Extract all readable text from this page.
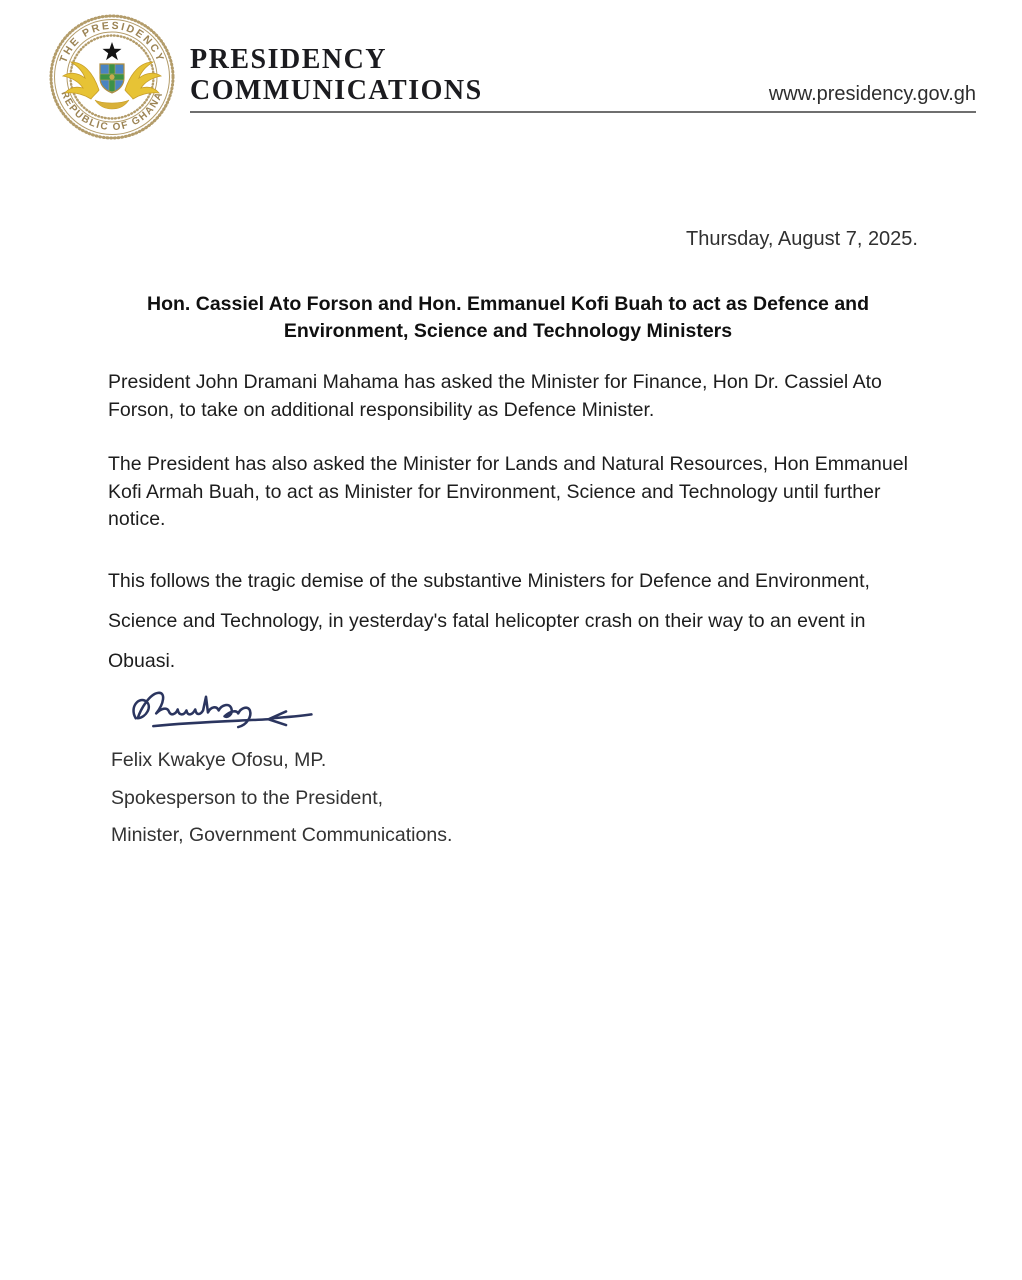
THE PRESIDENCY
REPUBLIC OF GHANA
PRESIDENCY
COMMUNICATIONS	www.presidency.gov.gh
Thursday, August 7, 2025.
Hon. Cassiel Ato Forson and Hon. Emmanuel Kofi Buah to act as Defence and Environment, Science and Technology Ministers
President John Dramani Mahama has asked the Minister for Finance, Hon Dr. Cassiel Ato Forson, to take on additional responsibility as Defence Minister.
The President has also asked the Minister for Lands and Natural Resources, Hon Emmanuel Kofi Armah Buah, to act as Minister for Environment, Science and Technology until further notice.
This follows the tragic demise of the substantive Ministers for Defence and Environment, Science and Technology, in yesterday's fatal helicopter crash on their way to an event in Obuasi.
Felix Kwakye Ofosu, MP.
Spokesperson to the President,
Minister, Government Communications.
